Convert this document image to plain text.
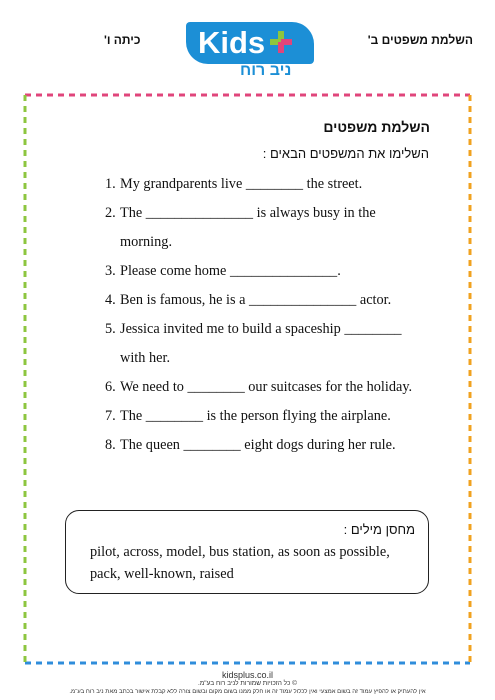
השלמת משפטים ב'
כיתה ו' Kids
ניב רוח
השלמת משפטים
השלימו את המשפטים הבאים :
1. My grandparents live ________ the street.
2. The _______________ is always busy in the morning.
3. Please come home _______________.
4. Ben is famous, he is a _______________ actor.
5. Jessica invited me to build a spaceship ________ with her.
6. We need to ________ our suitcases for the holiday.
7. The ________ is the person flying the airplane.
8. The queen ________ eight dogs during her rule.
מחסן מילים :
pilot, across, model, bus station, as soon as possible, pack, well-known, raised
kidsplus.co.il
© כל הזכויות שמורות לניב רוח בע"מ.
אין להעתיק או להפיץ עמוד זה בשום אמצעי ואין לכלול עמוד זה או חלק ממנו בשום מקום ובשום צורה ללא קבלת אישור בכתב מאת ניב רוח בע"מ.
